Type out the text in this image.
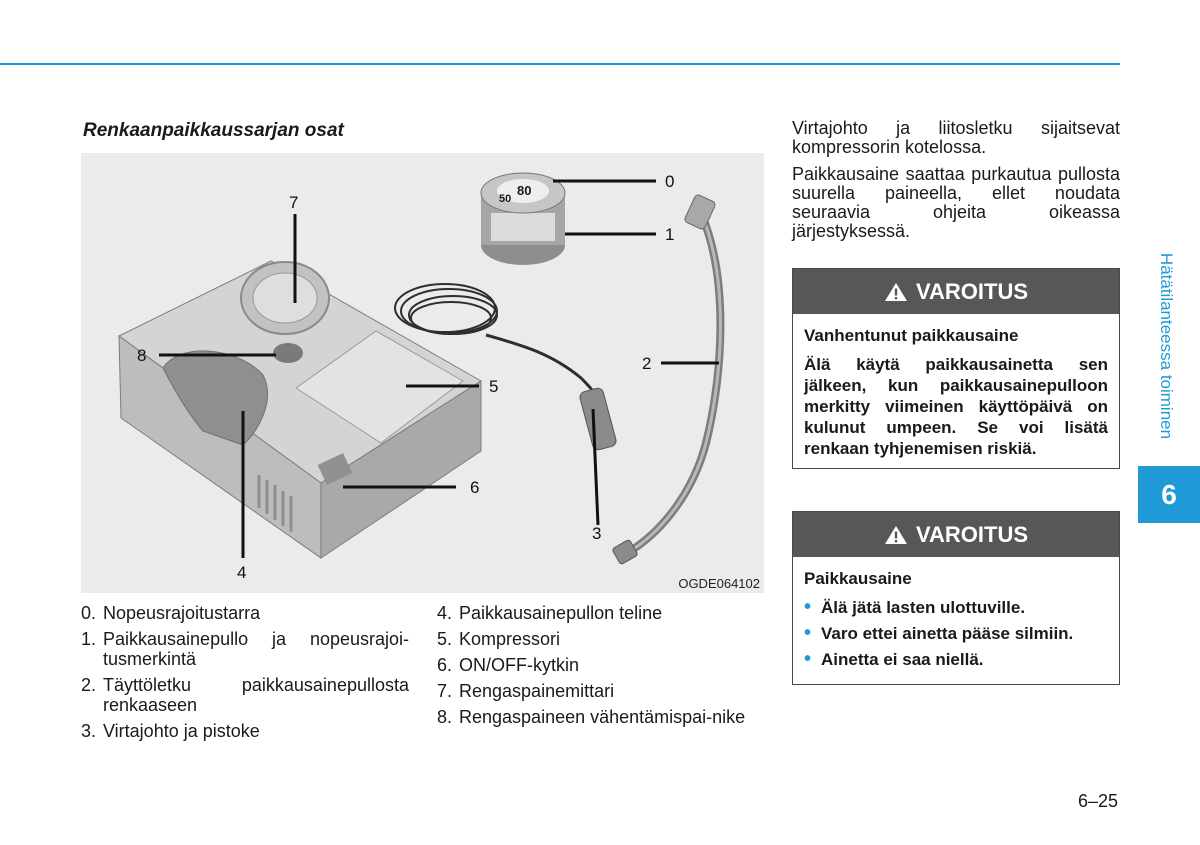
Renkaanpaikkaussarjan osat
80
50
7
8
0
1
2
3
4
5
6
OGDE064102
0. Nopeusrajoitustarra
1. Paikkausainepullo ja nopeusrajoi-tusmerkintä
2. Täyttöletku paikkausainepullosta renkaaseen
3. Virtajohto ja pistoke
4. Paikkausainepullon teline
5. Kompressori
6. ON/OFF-kytkin
7. Rengaspainemittari
8. Rengaspaineen vähentämispai-nike

Virtajohto ja liitosletku sijaitsevat kompressorin kotelossa.

Paikkausaine saattaa purkautua pullosta suurella paineella, ellet noudata seuraavia ohjeita oikeassa järjestyksessä.

VAROITUS

Vanhentunut paikkausaine

Älä käytä paikkausainetta sen jälkeen, kun paikkausainepulloon merkitty viimeinen käyttöpäivä on kulunut umpeen. Se voi lisätä renkaan tyhjenemisen riskiä.

VAROITUS

Paikkausaine

• Älä jätä lasten ulottuville.
• Varo ettei ainetta pääse silmiin.
• Ainetta ei saa niellä.
Hätätilanteessa toiminen
6
6–25
